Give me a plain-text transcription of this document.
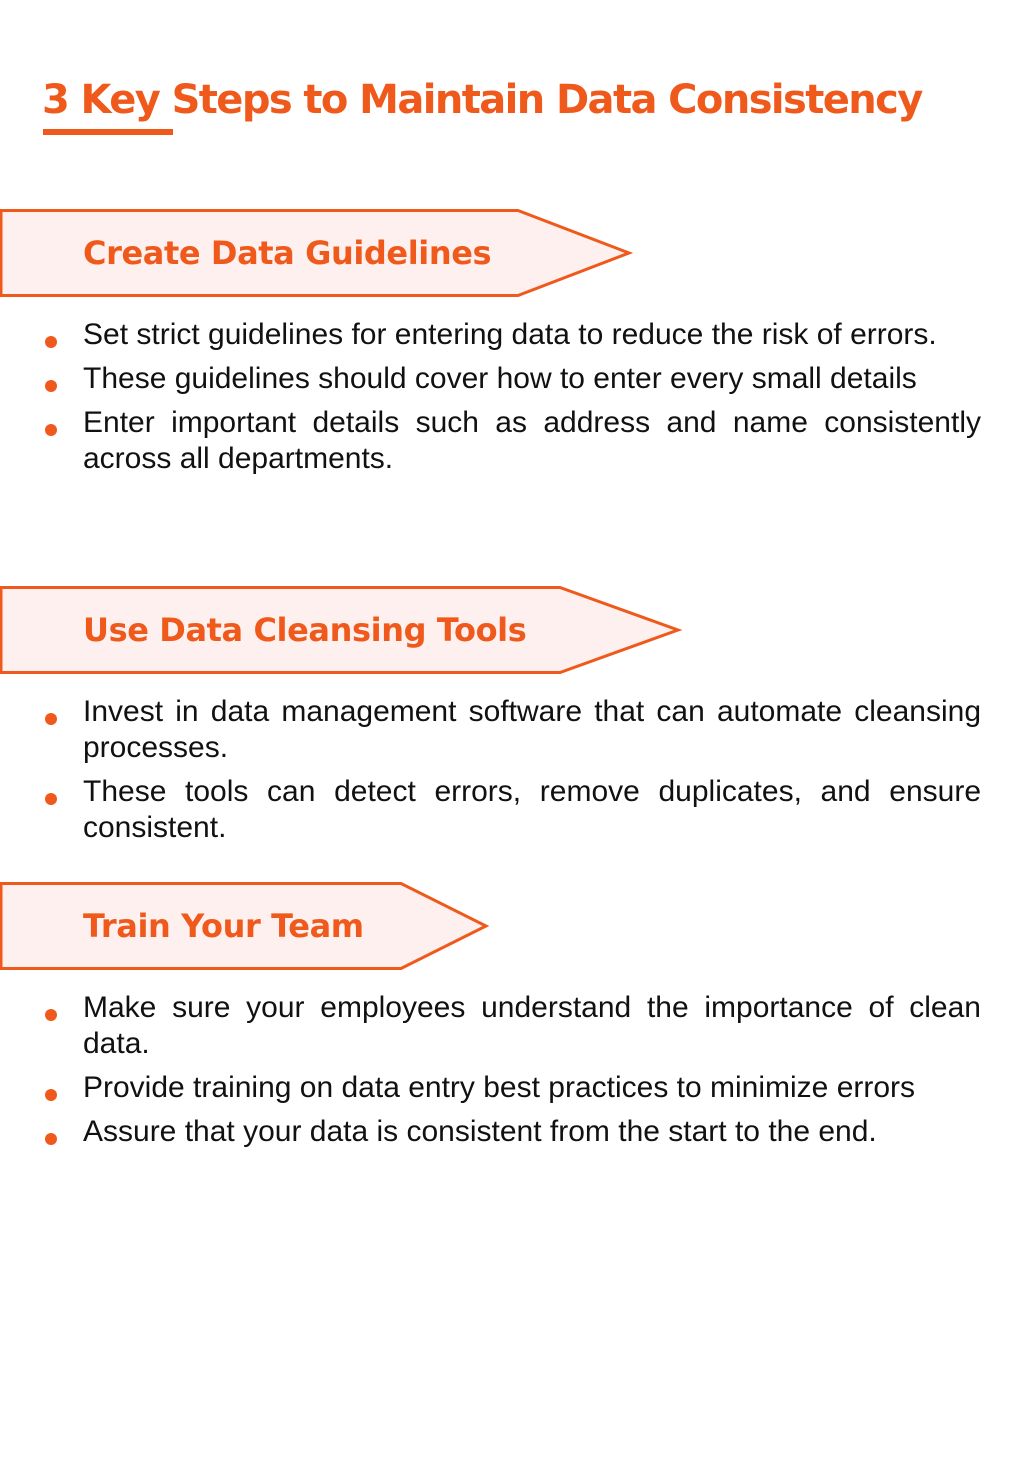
3 Key Steps to Maintain Data Consistency
Create Data Guidelines
Set strict guidelines for entering data to reduce the risk of errors.
These guidelines should cover how to enter every small details
Enter important details such as address and name consistently across all departments.
Use Data Cleansing Tools
Invest in data management software that can automate cleansing processes.
These tools can detect errors, remove duplicates, and ensure consistent.
Train Your Team
Make sure your employees understand the importance of clean data.
Provide training on data entry best practices to minimize errors
Assure that your data is consistent from the start to the end.
